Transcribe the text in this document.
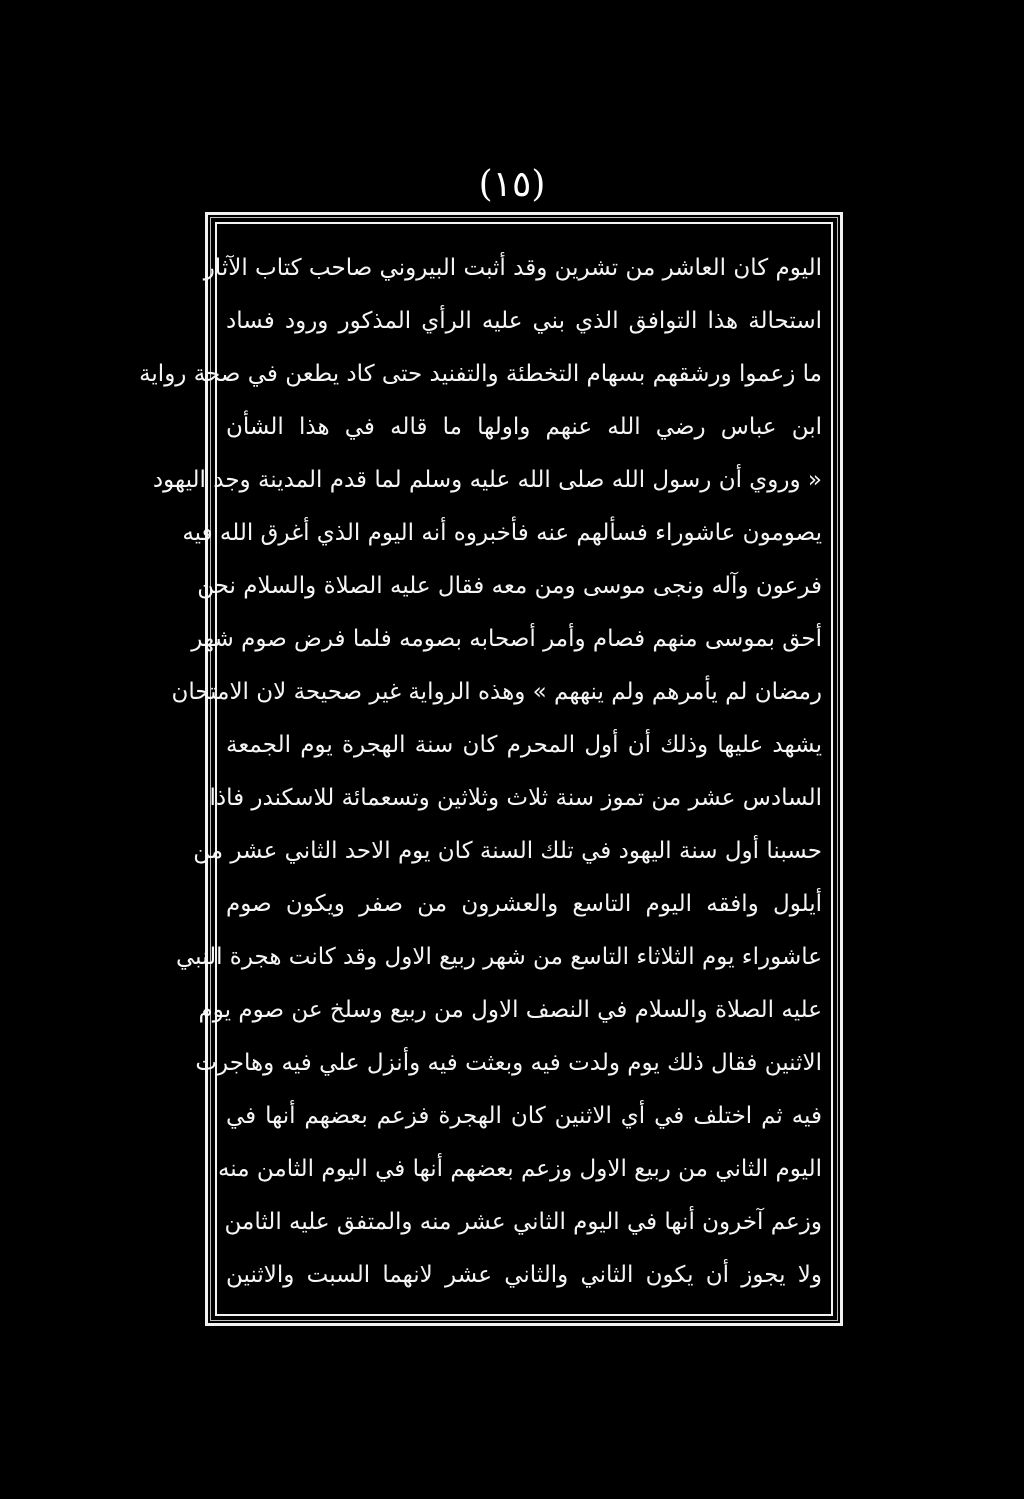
(١٥)
اليوم كان العاشر من تشرين وقد أثبت البيروني صاحب كتاب الآثار
استحالة هذا التوافق الذي بني عليه الرأي المذكور ورود فساد
ما زعموا ورشقهم بسهام التخطئة والتفنيد حتى كاد يطعن في صحة رواية
ابن عباس رضي الله عنهم واولها ما قاله في هذا الشأن
« وروي أن رسول الله صلى الله عليه وسلم لما قدم المدينة وجد اليهود
يصومون عاشوراء فسألهم عنه فأخبروه أنه اليوم الذي أغرق الله فيه
فرعون وآله ونجى موسى ومن معه فقال عليه الصلاة والسلام نحن
أحق بموسى منهم فصام وأمر أصحابه بصومه فلما فرض صوم شهر
رمضان لم يأمرهم ولم ينههم » وهذه الرواية غير صحيحة لان الامتحان
يشهد عليها وذلك أن أول المحرم كان سنة الهجرة يوم الجمعة
السادس عشر من تموز سنة ثلاث وثلاثين وتسعمائة للاسكندر فاذا
حسبنا أول سنة اليهود في تلك السنة كان يوم الاحد الثاني عشر من
أيلول وافقه اليوم التاسع والعشرون من صفر ويكون صوم
عاشوراء يوم الثلاثاء التاسع من شهر ربيع الاول وقد كانت هجرة النبي
عليه الصلاة والسلام في النصف الاول من ربيع وسلخ عن صوم يوم
الاثنين فقال ذلك يوم ولدت فيه وبعثت فيه وأنزل علي فيه وهاجرت
فيه ثم اختلف في أي الاثنين كان الهجرة فزعم بعضهم أنها في
اليوم الثاني من ربيع الاول وزعم بعضهم أنها في اليوم الثامن منه
وزعم آخرون أنها في اليوم الثاني عشر منه والمتفق عليه الثامن
ولا يجوز أن يكون الثاني والثاني عشر لانهما السبت والاثنين
